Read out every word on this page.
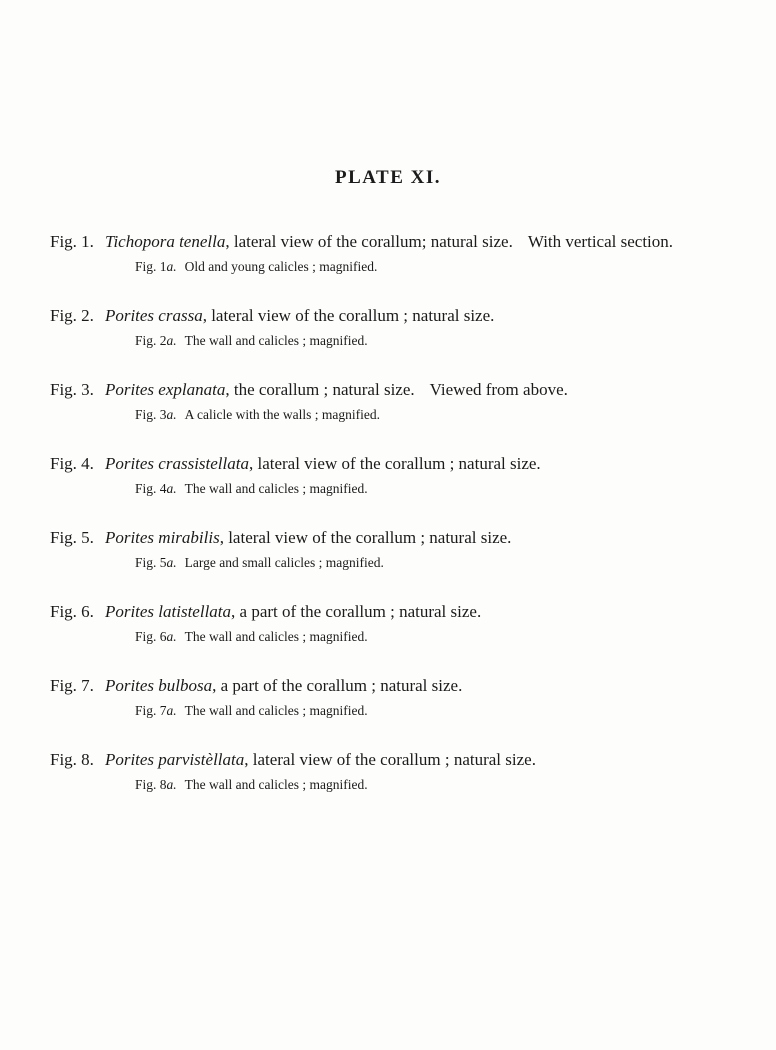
PLATE XI.
Fig. 1. Tichopora tenella, lateral view of the corallum; natural size. With vertical section.
Fig. 1a. Old and young calicles ; magnified.
Fig. 2. Porites crassa, lateral view of the corallum ; natural size.
Fig. 2a. The wall and calicles ; magnified.
Fig. 3. Porites explanata, the corallum ; natural size. Viewed from above.
Fig. 3a. A calicle with the walls ; magnified.
Fig. 4. Porites crassistellata, lateral view of the corallum ; natural size.
Fig. 4a. The wall and calicles ; magnified.
Fig. 5. Porites mirabilis, lateral view of the corallum ; natural size.
Fig. 5a. Large and small calicles ; magnified.
Fig. 6. Porites latistellata, a part of the corallum ; natural size.
Fig. 6a. The wall and calicles ; magnified.
Fig. 7. Porites bulbosa, a part of the corallum ; natural size.
Fig. 7a. The wall and calicles ; magnified.
Fig. 8. Porites parvistèllata, lateral view of the corallum ; natural size.
Fig. 8a. The wall and calicles ; magnified.
